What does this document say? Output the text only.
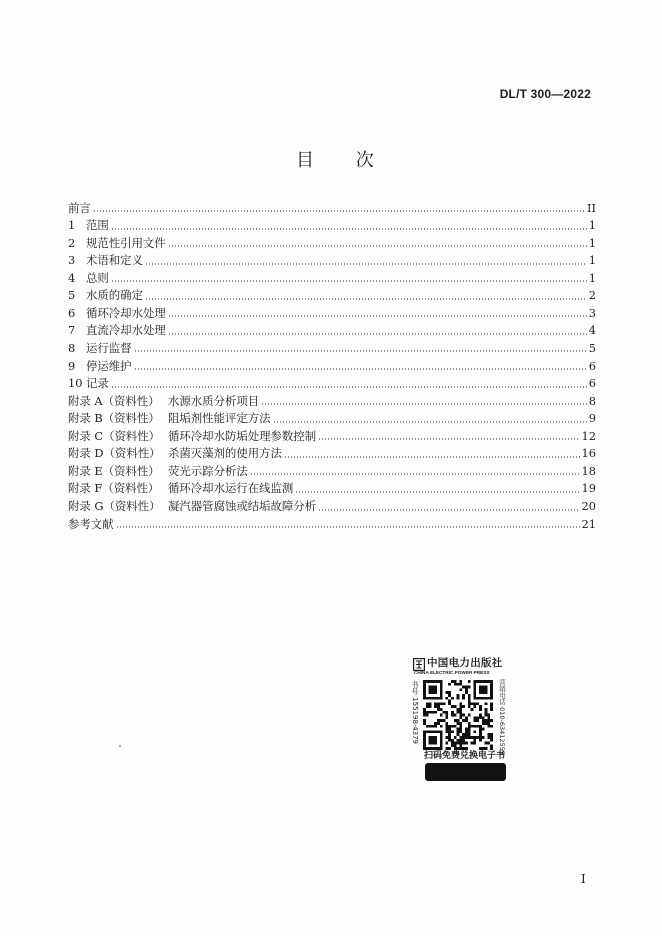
DL/T 300—2022
目 次
前言	II
1 范围	1
2 规范性引用文件	1
3 术语和定义	1
4 总则	1
5 水质的确定	2
6 循环冷却水处理	3
7 直流冷却水处理	4
8 运行监督	5
9 停运维护	6
10 记录	6
附录 A（资料性） 水源水质分析项目	8
附录 B（资料性） 阻垢剂性能评定方法	9
附录 C（资料性） 循环冷却水防垢处理参数控制	12
附录 D（资料性） 杀菌灭藻剂的使用方法	16
附录 E（资料性） 荧光示踪分析法	18
附录 F（资料性） 循环冷却水运行在线监测	19
附录 G（资料性） 凝汽器管腐蚀或结垢故障分析	20
参考文献	21
中国电力出版社
CHINA ELECTRIC POWER PRESS
书号 155198·4379	营销电话 010-63412553
扫码免费兑换电子书
I
